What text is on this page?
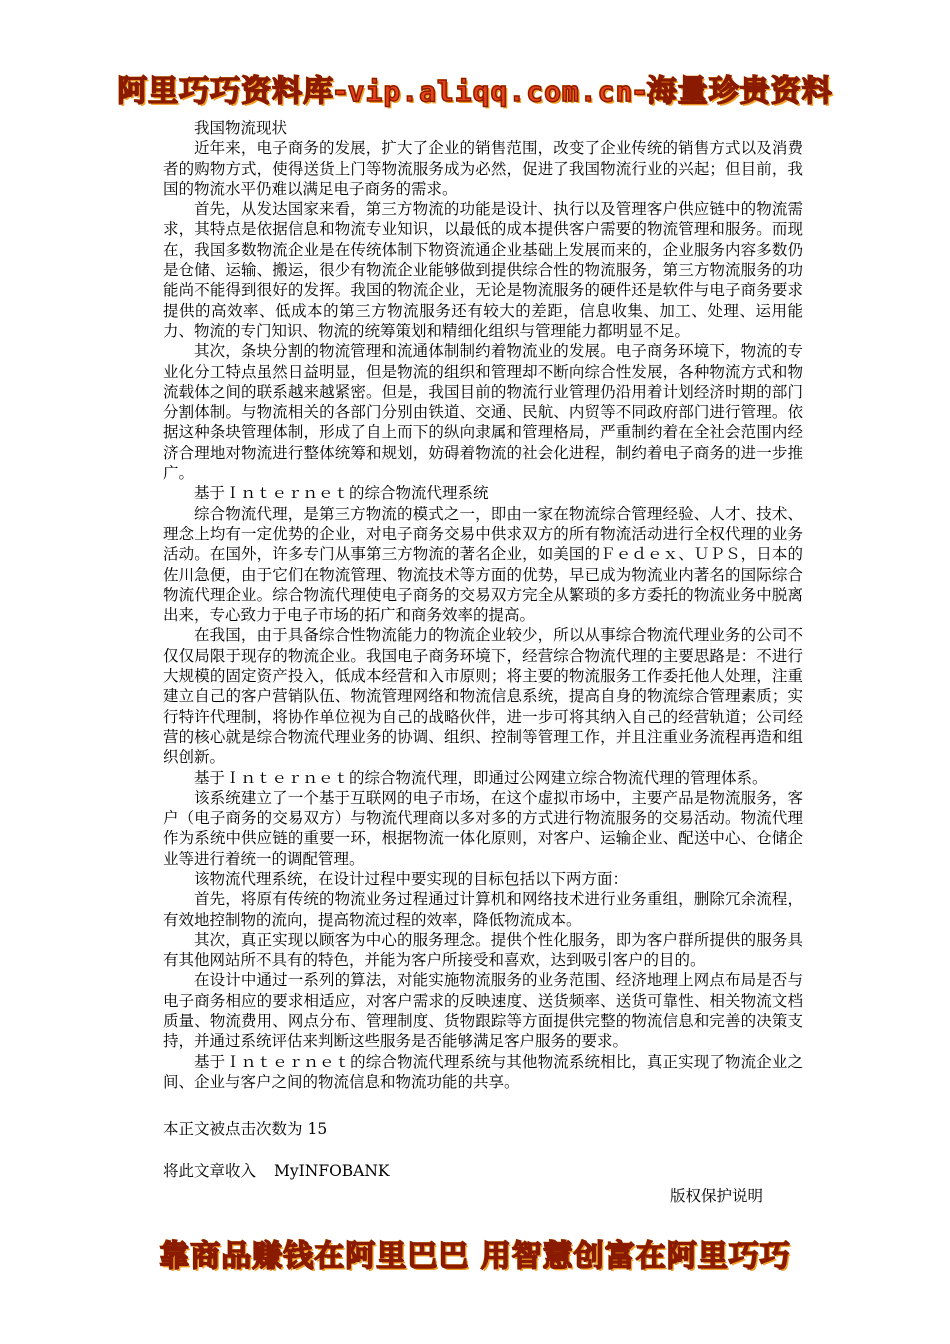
阿里巧巧资料库-vip.aliqq.com.cn-海量珍贵资料

我国物流现状

近年来，电子商务的发展，扩大了企业的销售范围，改变了企业传统的销售方式以及消费者的购物方式，使得送货上门等物流服务成为必然，促进了我国物流行业的兴起；但目前，我国的物流水平仍难以满足电子商务的需求。

首先，从发达国家来看，第三方物流的功能是设计、执行以及管理客户供应链中的物流需求，其特点是依据信息和物流专业知识，以最低的成本提供客户需要的物流管理和服务。而现在，我国多数物流企业是在传统体制下物资流通企业基础上发展而来的，企业服务内容多数仍是仓储、运输、搬运，很少有物流企业能够做到提供综合性的物流服务，第三方物流服务的功能尚不能得到很好的发挥。我国的物流企业，无论是物流服务的硬件还是软件与电子商务要求提供的高效率、低成本的第三方物流服务还有较大的差距，信息收集、加工、处理、运用能力、物流的专门知识、物流的统筹策划和精细化组织与管理能力都明显不足。

其次，条块分割的物流管理和流通体制制约着物流业的发展。电子商务环境下，物流的专业化分工特点虽然日益明显，但是物流的组织和管理却不断向综合性发展，各种物流方式和物流载体之间的联系越来越紧密。但是，我国目前的物流行业管理仍沿用着计划经济时期的部门分割体制。与物流相关的各部门分别由铁道、交通、民航、内贸等不同政府部门进行管理。依据这种条块管理体制，形成了自上而下的纵向隶属和管理格局，严重制约着在全社会范围内经济合理地对物流进行整体统筹和规划，妨碍着物流的社会化进程，制约着电子商务的进一步推广。

基于Ｉｎｔｅｒｎｅｔ的综合物流代理系统

综合物流代理，是第三方物流的模式之一，即由一家在物流综合管理经验、人才、技术、理念上均有一定优势的企业，对电子商务交易中供求双方的所有物流活动进行全权代理的业务活动。在国外，许多专门从事第三方物流的著名企业，如美国的Ｆｅｄｅｘ、ＵＰＳ，日本的佐川急便，由于它们在物流管理、物流技术等方面的优势，早已成为物流业内著名的国际综合物流代理企业。综合物流代理使电子商务的交易双方完全从繁琐的多方委托的物流业务中脱离出来，专心致力于电子市场的拓广和商务效率的提高。

在我国，由于具备综合性物流能力的物流企业较少，所以从事综合物流代理业务的公司不仅仅局限于现存的物流企业。我国电子商务环境下，经营综合物流代理的主要思路是：不进行大规模的固定资产投入，低成本经营和入市原则；将主要的物流服务工作委托他人处理，注重建立自己的客户营销队伍、物流管理网络和物流信息系统，提高自身的物流综合管理素质；实行特许代理制，将协作单位视为自己的战略伙伴，进一步可将其纳入自己的经营轨道；公司经营的核心就是综合物流代理业务的协调、组织、控制等管理工作，并且注重业务流程再造和组织创新。

基于Ｉｎｔｅｒｎｅｔ的综合物流代理，即通过公网建立综合物流代理的管理体系。

该系统建立了一个基于互联网的电子市场，在这个虚拟市场中，主要产品是物流服务，客户（电子商务的交易双方）与物流代理商以多对多的方式进行物流服务的交易活动。物流代理作为系统中供应链的重要一环，根据物流一体化原则，对客户、运输企业、配送中心、仓储企业等进行着统一的调配管理。

该物流代理系统，在设计过程中要实现的目标包括以下两方面：

首先，将原有传统的物流业务过程通过计算机和网络技术进行业务重组，删除冗余流程，有效地控制物的流向，提高物流过程的效率，降低物流成本。

其次，真正实现以顾客为中心的服务理念。提供个性化服务，即为客户群所提供的服务具有其他网站所不具有的特色，并能为客户所接受和喜欢，达到吸引客户的目的。

在设计中通过一系列的算法，对能实施物流服务的业务范围、经济地理上网点布局是否与电子商务相应的要求相适应，对客户需求的反映速度、送货频率、送货可靠性、相关物流文档质量、物流费用、网点分布、管理制度、货物跟踪等方面提供完整的物流信息和完善的决策支持，并通过系统评估来判断这些服务是否能够满足客户服务的要求。

基于Ｉｎｔｅｒｎｅｔ的综合物流代理系统与其他物流系统相比，真正实现了物流企业之间、企业与客户之间的物流信息和物流功能的共享。

本正文被点击次数为 15
将此文章收入 MyINFOBANK
版权保护说明
靠商品赚钱在阿里巴巴 用智慧创富在阿里巧巧
